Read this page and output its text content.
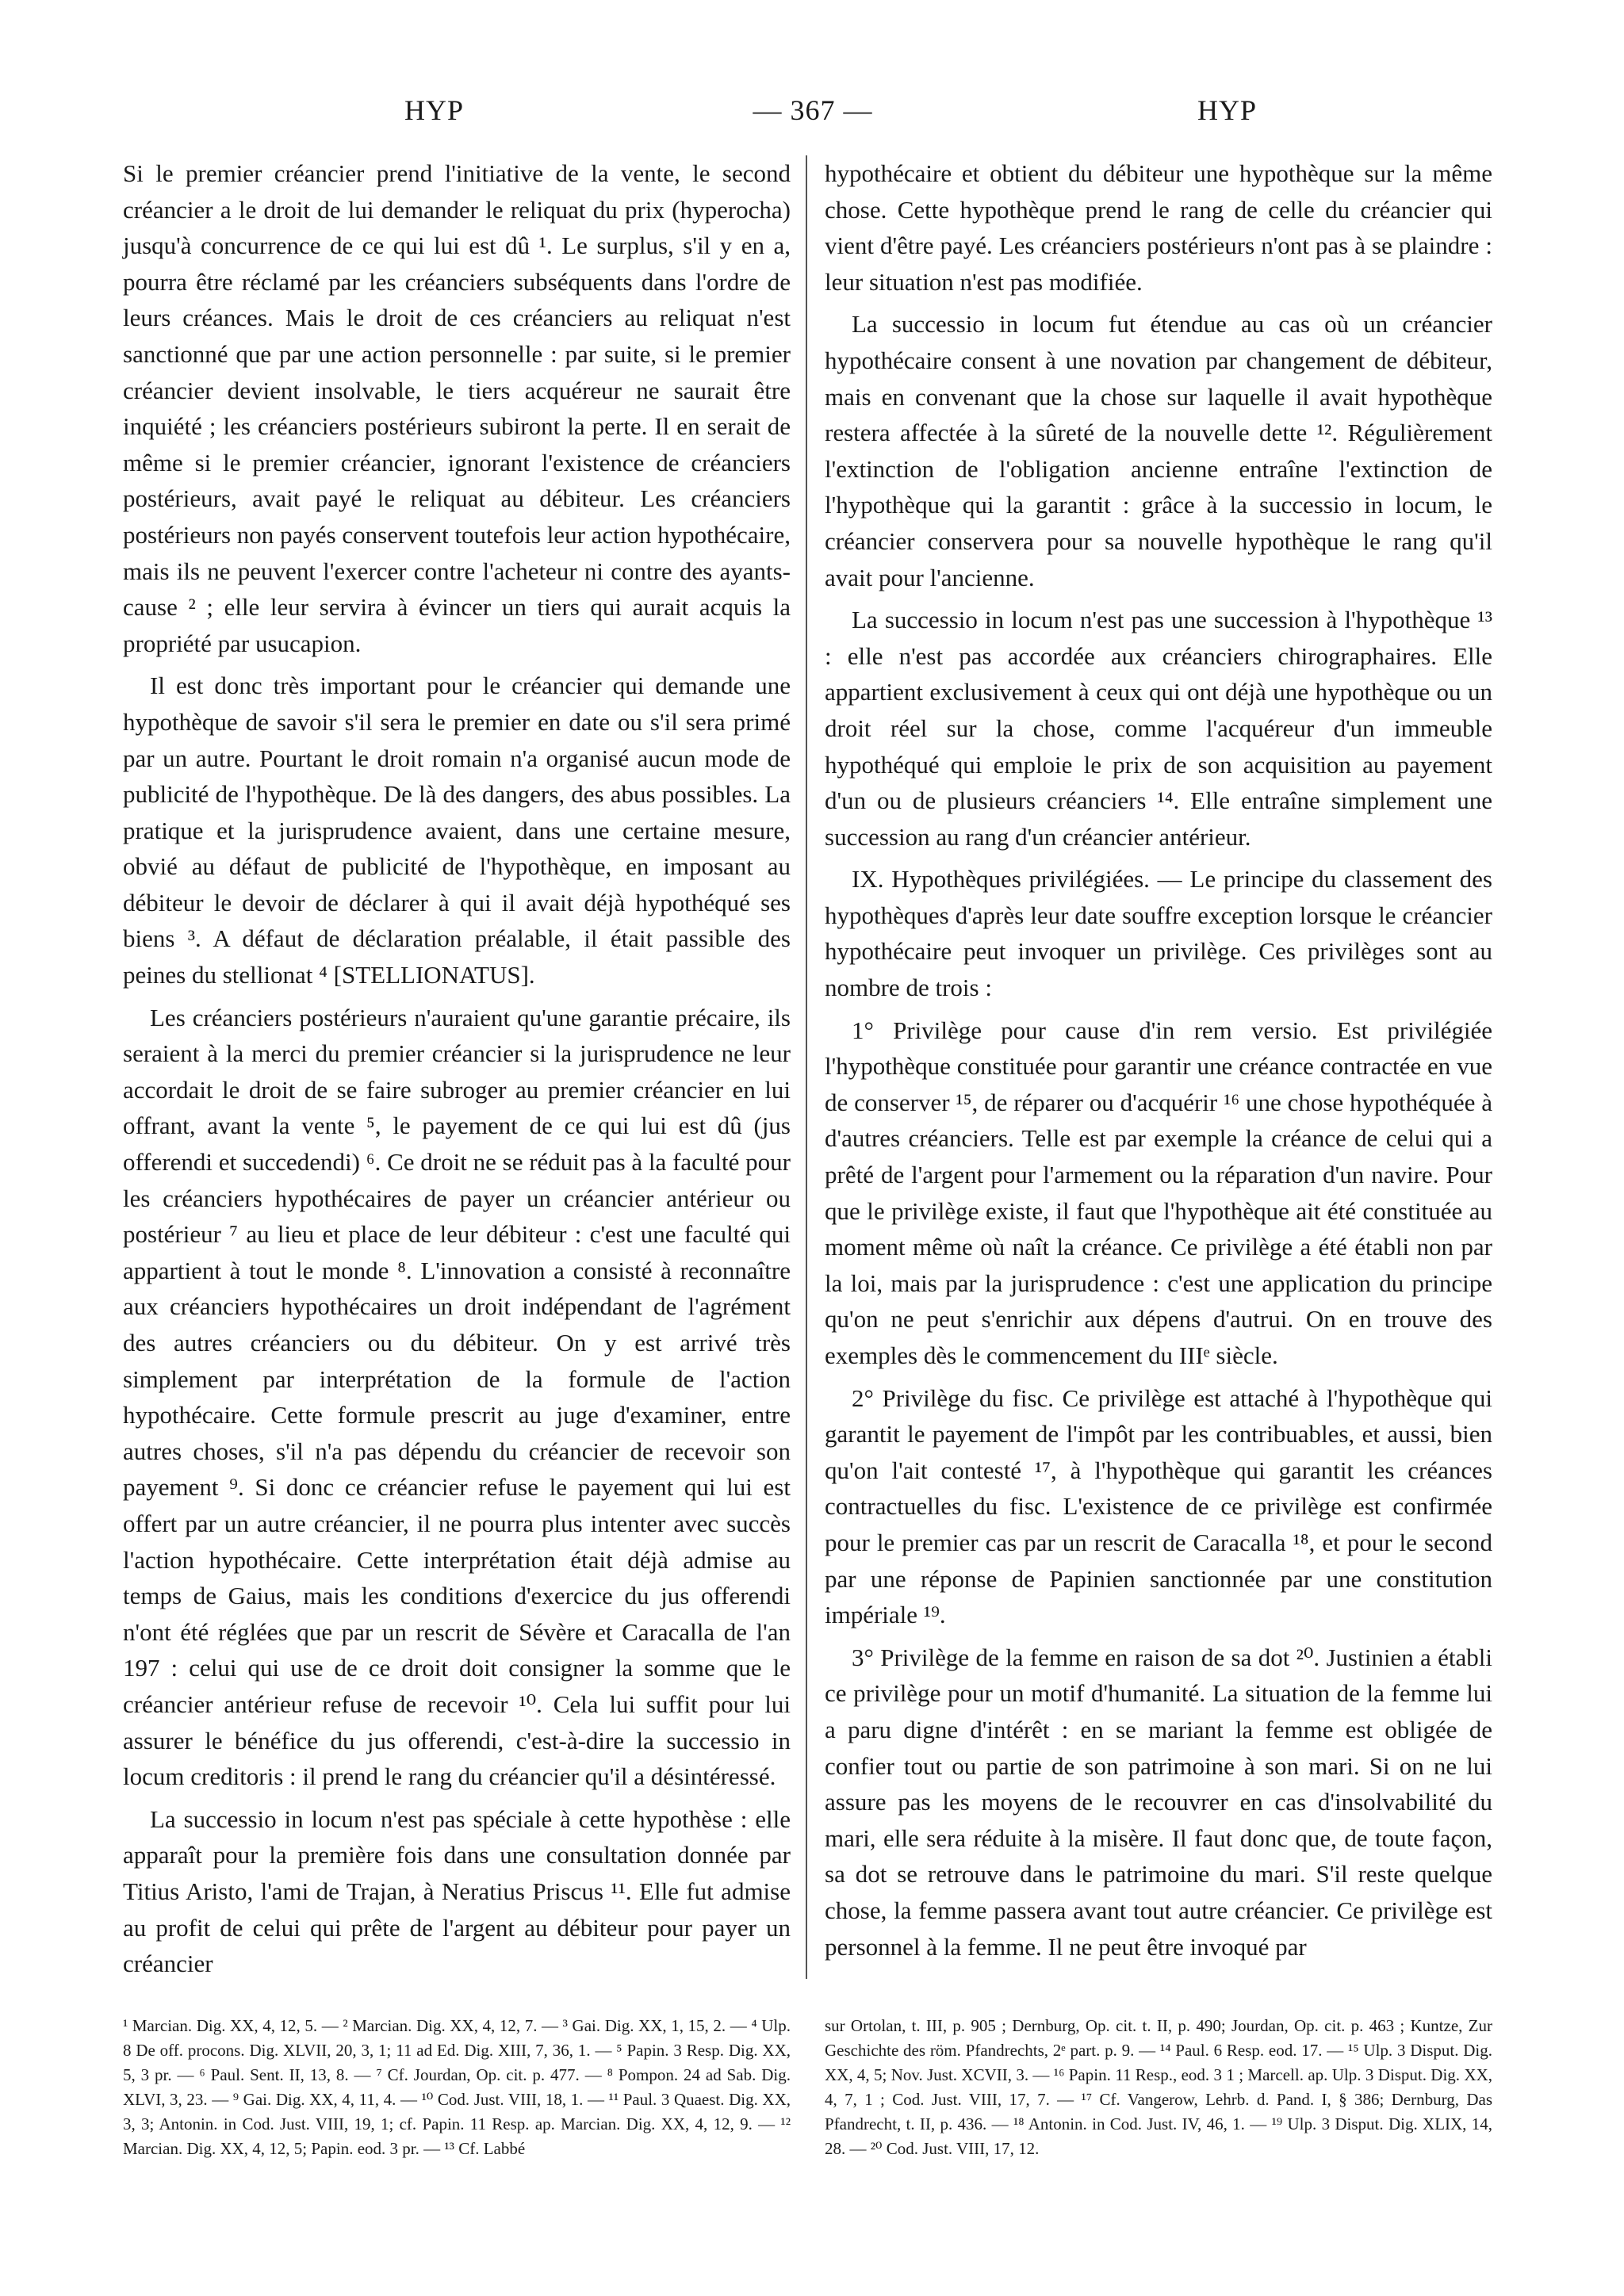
HYP	— 367 —	HYP

Si le premier créancier prend l'initiative de la vente, le second créancier a le droit de lui demander le reliquat du prix (hyperocha) jusqu'à concurrence de ce qui lui est dû ¹. Le surplus, s'il y en a, pourra être réclamé par les créanciers subséquents dans l'ordre de leurs créances. Mais le droit de ces créanciers au reliquat n'est sanctionné que par une action personnelle : par suite, si le premier créancier devient insolvable, le tiers acquéreur ne saurait être inquiété ; les créanciers postérieurs subiront la perte. Il en serait de même si le premier créancier, ignorant l'existence de créanciers postérieurs, avait payé le reliquat au débiteur. Les créanciers postérieurs non payés conservent toutefois leur action hypothécaire, mais ils ne peuvent l'exercer contre l'acheteur ni contre des ayants-cause ² ; elle leur servira à évincer un tiers qui aurait acquis la propriété par usucapion.

Il est donc très important pour le créancier qui demande une hypothèque de savoir s'il sera le premier en date ou s'il sera primé par un autre. Pourtant le droit romain n'a organisé aucun mode de publicité de l'hypothèque. De là des dangers, des abus possibles. La pratique et la jurisprudence avaient, dans une certaine mesure, obvié au défaut de publicité de l'hypothèque, en imposant au débiteur le devoir de déclarer à qui il avait déjà hypothéqué ses biens ³. A défaut de déclaration préalable, il était passible des peines du stellionat ⁴ [STELLIONATUS].

Les créanciers postérieurs n'auraient qu'une garantie précaire, ils seraient à la merci du premier créancier si la jurisprudence ne leur accordait le droit de se faire subroger au premier créancier en lui offrant, avant la vente ⁵, le payement de ce qui lui est dû (jus offerendi et succedendi) ⁶. Ce droit ne se réduit pas à la faculté pour les créanciers hypothécaires de payer un créancier antérieur ou postérieur ⁷ au lieu et place de leur débiteur : c'est une faculté qui appartient à tout le monde ⁸. L'innovation a consisté à reconnaître aux créanciers hypothécaires un droit indépendant de l'agrément des autres créanciers ou du débiteur. On y est arrivé très simplement par interprétation de la formule de l'action hypothécaire. Cette formule prescrit au juge d'examiner, entre autres choses, s'il n'a pas dépendu du créancier de recevoir son payement ⁹. Si donc ce créancier refuse le payement qui lui est offert par un autre créancier, il ne pourra plus intenter avec succès l'action hypothécaire. Cette interprétation était déjà admise au temps de Gaius, mais les conditions d'exercice du jus offerendi n'ont été réglées que par un rescrit de Sévère et Caracalla de l'an 197 : celui qui use de ce droit doit consigner la somme que le créancier antérieur refuse de recevoir ¹⁰. Cela lui suffit pour lui assurer le bénéfice du jus offerendi, c'est-à-dire la successio in locum creditoris : il prend le rang du créancier qu'il a désintéressé.

La successio in locum n'est pas spéciale à cette hypothèse : elle apparaît pour la première fois dans une consultation donnée par Titius Aristo, l'ami de Trajan, à Neratius Priscus ¹¹. Elle fut admise au profit de celui qui prête de l'argent au débiteur pour payer un créancier

hypothécaire et obtient du débiteur une hypothèque sur la même chose. Cette hypothèque prend le rang de celle du créancier qui vient d'être payé. Les créanciers postérieurs n'ont pas à se plaindre : leur situation n'est pas modifiée.

La successio in locum fut étendue au cas où un créancier hypothécaire consent à une novation par changement de débiteur, mais en convenant que la chose sur laquelle il avait hypothèque restera affectée à la sûreté de la nouvelle dette ¹². Régulièrement l'extinction de l'obligation ancienne entraîne l'extinction de l'hypothèque qui la garantit : grâce à la successio in locum, le créancier conservera pour sa nouvelle hypothèque le rang qu'il avait pour l'ancienne.

La successio in locum n'est pas une succession à l'hypothèque ¹³ : elle n'est pas accordée aux créanciers chirographaires. Elle appartient exclusivement à ceux qui ont déjà une hypothèque ou un droit réel sur la chose, comme l'acquéreur d'un immeuble hypothéqué qui emploie le prix de son acquisition au payement d'un ou de plusieurs créanciers ¹⁴. Elle entraîne simplement une succession au rang d'un créancier antérieur.

IX. Hypothèques privilégiées. — Le principe du classement des hypothèques d'après leur date souffre exception lorsque le créancier hypothécaire peut invoquer un privilège. Ces privilèges sont au nombre de trois :

1° Privilège pour cause d'in rem versio. Est privilégiée l'hypothèque constituée pour garantir une créance contractée en vue de conserver ¹⁵, de réparer ou d'acquérir ¹⁶ une chose hypothéquée à d'autres créanciers. Telle est par exemple la créance de celui qui a prêté de l'argent pour l'armement ou la réparation d'un navire. Pour que le privilège existe, il faut que l'hypothèque ait été constituée au moment même où naît la créance. Ce privilège a été établi non par la loi, mais par la jurisprudence : c'est une application du principe qu'on ne peut s'enrichir aux dépens d'autrui. On en trouve des exemples dès le commencement du IIIᵉ siècle.

2° Privilège du fisc. Ce privilège est attaché à l'hypothèque qui garantit le payement de l'impôt par les contribuables, et aussi, bien qu'on l'ait contesté ¹⁷, à l'hypothèque qui garantit les créances contractuelles du fisc. L'existence de ce privilège est confirmée pour le premier cas par un rescrit de Caracalla ¹⁸, et pour le second par une réponse de Papinien sanctionnée par une constitution impériale ¹⁹.

3° Privilège de la femme en raison de sa dot ²⁰. Justinien a établi ce privilège pour un motif d'humanité. La situation de la femme lui a paru digne d'intérêt : en se mariant la femme est obligée de confier tout ou partie de son patrimoine à son mari. Si on ne lui assure pas les moyens de le recouvrer en cas d'insolvabilité du mari, elle sera réduite à la misère. Il faut donc que, de toute façon, sa dot se retrouve dans le patrimoine du mari. S'il reste quelque chose, la femme passera avant tout autre créancier. Ce privilège est personnel à la femme. Il ne peut être invoqué par

¹ Marcian. Dig. XX, 4, 12, 5. — ² Marcian. Dig. XX, 4, 12, 7. — ³ Gai. Dig. XX, 1, 15, 2. — ⁴ Ulp. 8 De off. procons. Dig. XLVII, 20, 3, 1; 11 ad Ed. Dig. XIII, 7, 36, 1. — ⁵ Papin. 3 Resp. Dig. XX, 5, 3 pr. — ⁶ Paul. Sent. II, 13, 8. — ⁷ Cf. Jourdan, Op. cit. p. 477. — ⁸ Pompon. 24 ad Sab. Dig. XLVI, 3, 23. — ⁹ Gai. Dig. XX, 4, 11, 4. — ¹⁰ Cod. Just. VIII, 18, 1. — ¹¹ Paul. 3 Quaest. Dig. XX, 3, 3; Antonin. in Cod. Just. VIII, 19, 1; cf. Papin. 11 Resp. ap. Marcian. Dig. XX, 4, 12, 9. — ¹² Marcian. Dig. XX, 4, 12, 5; Papin. eod. 3 pr. — ¹³ Cf. Labbé
sur Ortolan, t. III, p. 905 ; Dernburg, Op. cit. t. II, p. 490; Jourdan, Op. cit. p. 463 ; Kuntze, Zur Geschichte des röm. Pfandrechts, 2ᵉ part. p. 9. — ¹⁴ Paul. 6 Resp. eod. 17. — ¹⁵ Ulp. 3 Disput. Dig. XX, 4, 5; Nov. Just. XCVII, 3. — ¹⁶ Papin. 11 Resp., eod. 3 1 ; Marcell. ap. Ulp. 3 Disput. Dig. XX, 4, 7, 1 ; Cod. Just. VIII, 17, 7. — ¹⁷ Cf. Vangerow, Lehrb. d. Pand. I, § 386; Dernburg, Das Pfandrecht, t. II, p. 436. — ¹⁸ Antonin. in Cod. Just. IV, 46, 1. — ¹⁹ Ulp. 3 Disput. Dig. XLIX, 14, 28. — ²⁰ Cod. Just. VIII, 17, 12.
